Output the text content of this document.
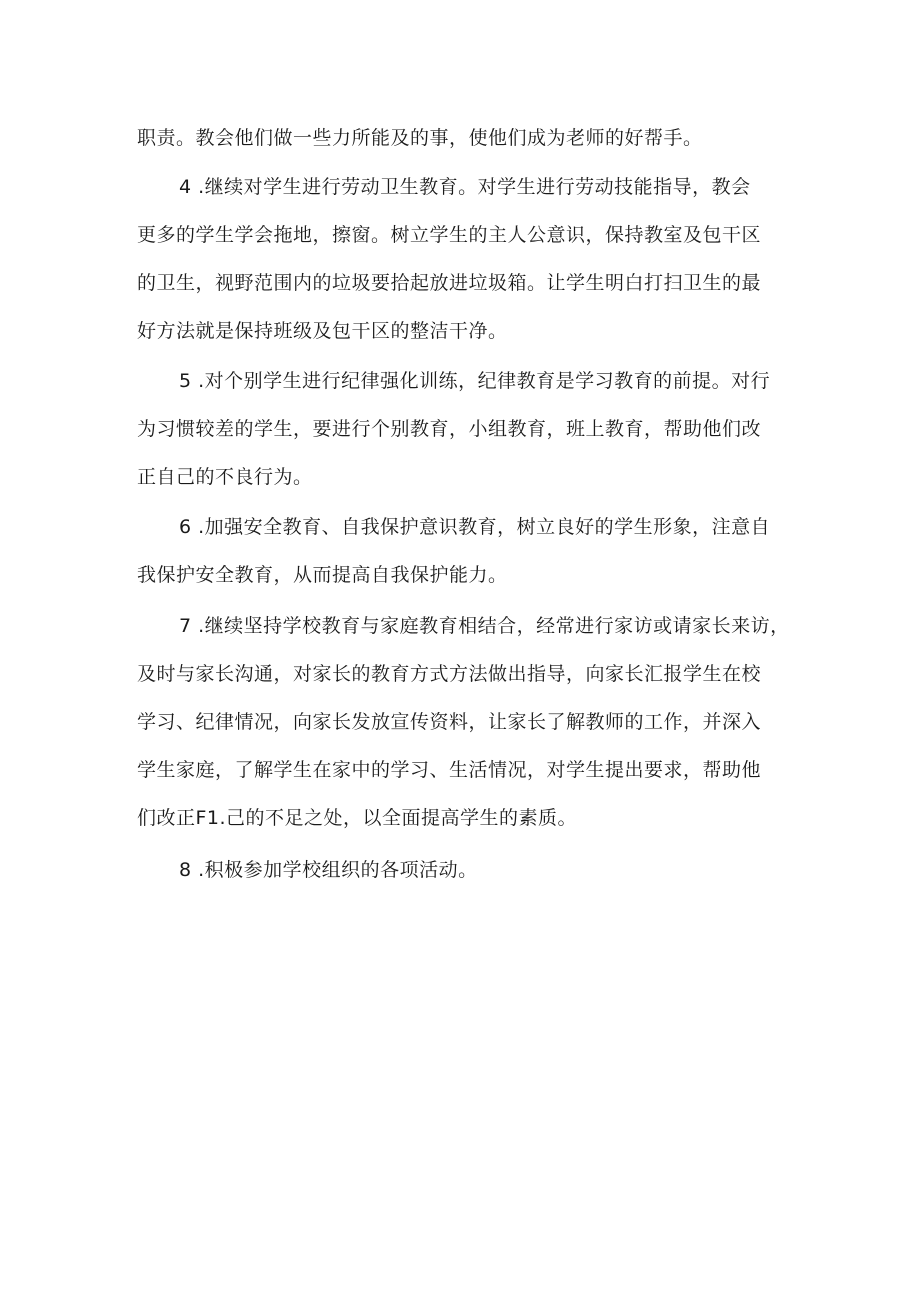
职责。教会他们做一些力所能及的事，使他们成为老师的好帮手。
4 .继续对学生进行劳动卫生教育。对学生进行劳动技能指导，教会
更多的学生学会拖地，擦窗。树立学生的主人公意识，保持教室及包干区
的卫生，视野范围内的垃圾要拾起放进垃圾箱。让学生明白打扫卫生的最
好方法就是保持班级及包干区的整洁干净。
5 .对个别学生进行纪律强化训练，纪律教育是学习教育的前提。对行
为习惯较差的学生，要进行个别教育，小组教育，班上教育，帮助他们改
正自己的不良行为。
6 .加强安全教育、自我保护意识教育，树立良好的学生形象，注意自
我保护安全教育，从而提高自我保护能力。
7 .继续坚持学校教育与家庭教育相结合，经常进行家访或请家长来访，
及时与家长沟通，对家长的教育方式方法做出指导，向家长汇报学生在校
学习、纪律情况，向家长发放宣传资料，让家长了解教师的工作，并深入
学生家庭，了解学生在家中的学习、生活情况，对学生提出要求，帮助他
们改正F1.己的不足之处，以全面提高学生的素质。
8 .积极参加学校组织的各项活动。
